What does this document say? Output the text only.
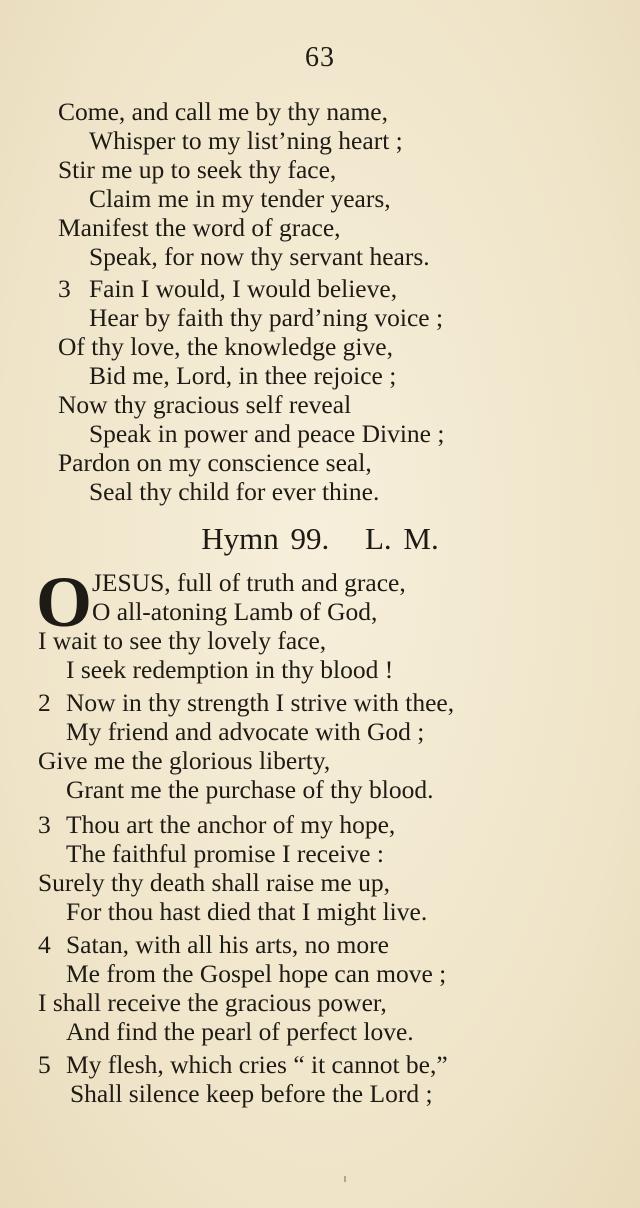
63
Come, and call me by thy name,
Whisper to my list’ning heart ;
Stir me up to seek thy face,
Claim me in my tender years,
Manifest the word of grace,
Speak, for now thy servant hears.
3 Fain I would, I would believe,
Hear by faith thy pard’ning voice ;
Of thy love, the knowledge give,
Bid me, Lord, in thee rejoice ;
Now thy gracious self reveal
Speak in power and peace Divine ;
Pardon on my conscience seal,
Seal thy child for ever thine.
Hymn 99. L. M.
O JESUS, full of truth and grace,
O all-atoning Lamb of God,
I wait to see thy lovely face,
I seek redemption in thy blood !
2 Now in thy strength I strive with thee,
My friend and advocate with God ;
Give me the glorious liberty,
Grant me the purchase of thy blood.
3 Thou art the anchor of my hope,
The faithful promise I receive :
Surely thy death shall raise me up,
For thou hast died that I might live.
4 Satan, with all his arts, no more
Me from the Gospel hope can move ;
I shall receive the gracious power,
And find the pearl of perfect love.
5 My flesh, which cries “ it cannot be,”
Shall silence keep before the Lord ;
